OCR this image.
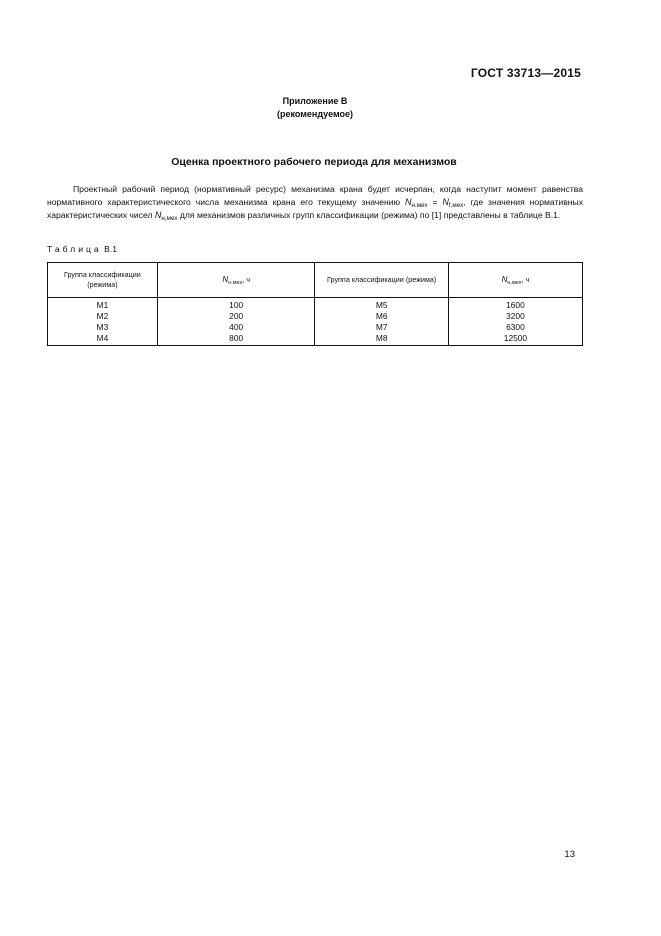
ГОСТ 33713—2015
Приложение В
(рекомендуемое)
Оценка проектного рабочего периода для механизмов

Проектный рабочий период (нормативный ресурс) механизма крана будет исчерпан, когда наступит момент равенства нормативного характеристического числа механизма крана его текущему значению $N_{н.мех} = N_{f,мех}$, где значения нормативных характеристических чисел $N_{н,мех}$ для механизмов различных групп классификации (режима) по [1] представлены в таблице В.1.

Таблица В.1
Группа классификации (режима)	$N_{н.мех}$, ч	Группа классификации (режима)	$N_{н.мех}$, ч
М1	100	М5	1600
М2	200	М6	3200
М3	400	М7	6300
М4	800	М8	12500
13
